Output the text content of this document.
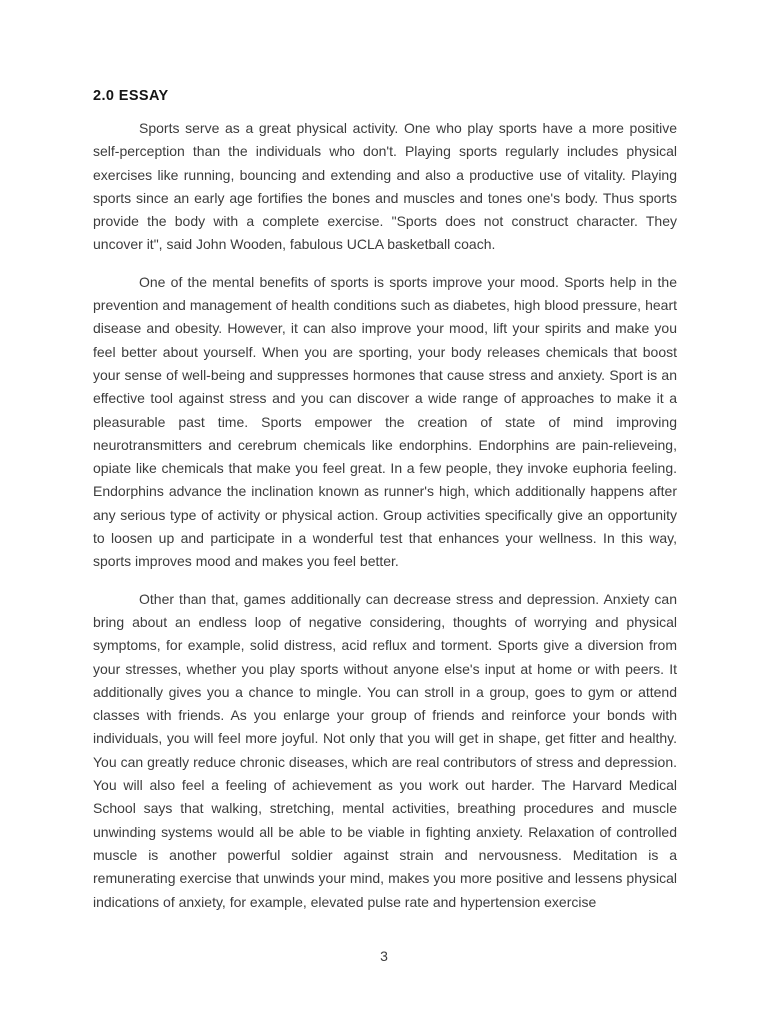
2.0 ESSAY

Sports serve as a great physical activity. One who play sports have a more positive self-perception than the individuals who don't. Playing sports regularly includes physical exercises like running, bouncing and extending and also a productive use of vitality. Playing sports since an early age fortifies the bones and muscles and tones one's body. Thus sports provide the body with a complete exercise. "Sports does not construct character. They uncover it", said John Wooden, fabulous UCLA basketball coach.

One of the mental benefits of sports is sports improve your mood. Sports help in the prevention and management of health conditions such as diabetes, high blood pressure, heart disease and obesity. However, it can also improve your mood, lift your spirits and make you feel better about yourself. When you are sporting, your body releases chemicals that boost your sense of well-being and suppresses hormones that cause stress and anxiety. Sport is an effective tool against stress and you can discover a wide range of approaches to make it a pleasurable past time. Sports empower the creation of state of mind improving neurotransmitters and cerebrum chemicals like endorphins. Endorphins are pain-relieveing, opiate like chemicals that make you feel great. In a few people, they invoke euphoria feeling. Endorphins advance the inclination known as runner's high, which additionally happens after any serious type of activity or physical action. Group activities specifically give an opportunity to loosen up and participate in a wonderful test that enhances your wellness. In this way, sports improves mood and makes you feel better.

Other than that, games additionally can decrease stress and depression. Anxiety can bring about an endless loop of negative considering, thoughts of worrying and physical symptoms, for example, solid distress, acid reflux and torment. Sports give a diversion from your stresses, whether you play sports without anyone else's input at home or with peers. It additionally gives you a chance to mingle. You can stroll in a group, goes to gym or attend classes with friends. As you enlarge your group of friends and reinforce your bonds with individuals, you will feel more joyful. Not only that you will get in shape, get fitter and healthy. You can greatly reduce chronic diseases, which are real contributors of stress and depression. You will also feel a feeling of achievement as you work out harder. The Harvard Medical School says that walking, stretching, mental activities, breathing procedures and muscle unwinding systems would all be able to be viable in fighting anxiety. Relaxation of controlled muscle is another powerful soldier against strain and nervousness. Meditation is a remunerating exercise that unwinds your mind, makes you more positive and lessens physical indications of anxiety, for example, elevated pulse rate and hypertension exercise

3
